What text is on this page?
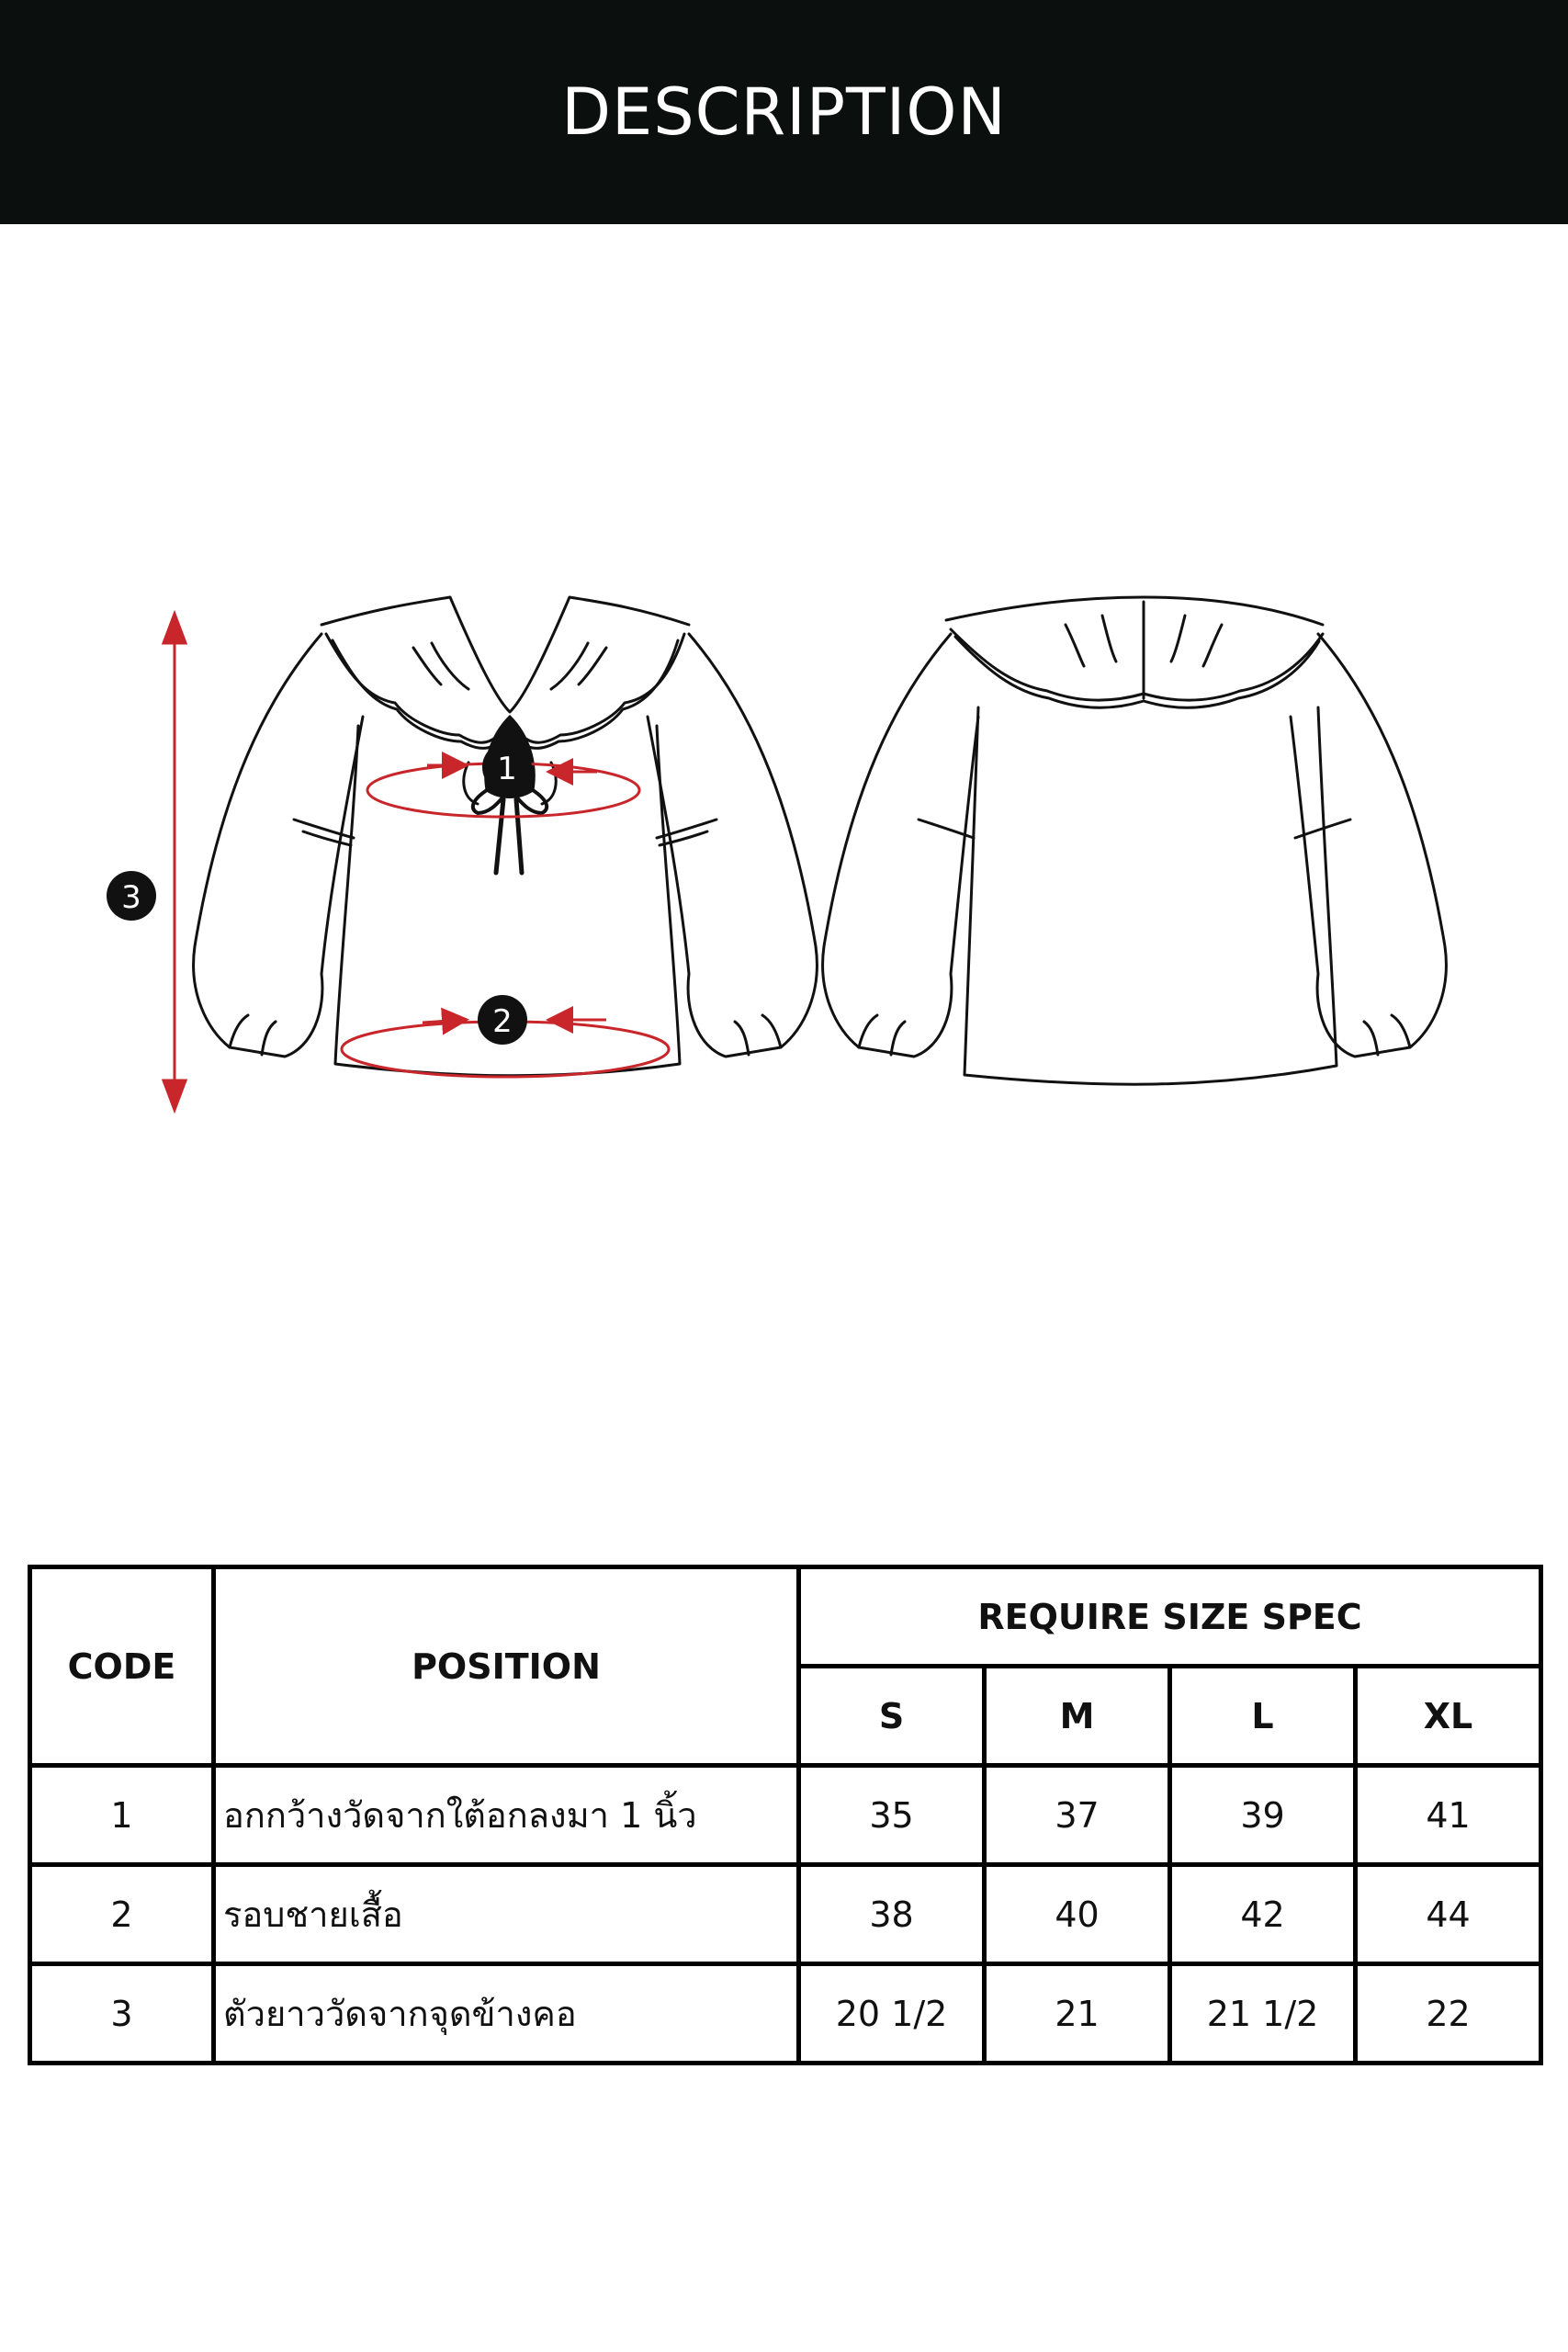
DESCRIPTION
1
2
3
CODE	POSITION	REQUIRE SIZE SPEC			
		S	M	L	XL
1	อกกว้างวัดจากใต้อกลงมา 1 นิ้ว	35	37	39	41
2	รอบชายเสื้อ	38	40	42	44
3	ตัวยาววัดจากจุดข้างคอ	20 1/2	21	21 1/2	22
